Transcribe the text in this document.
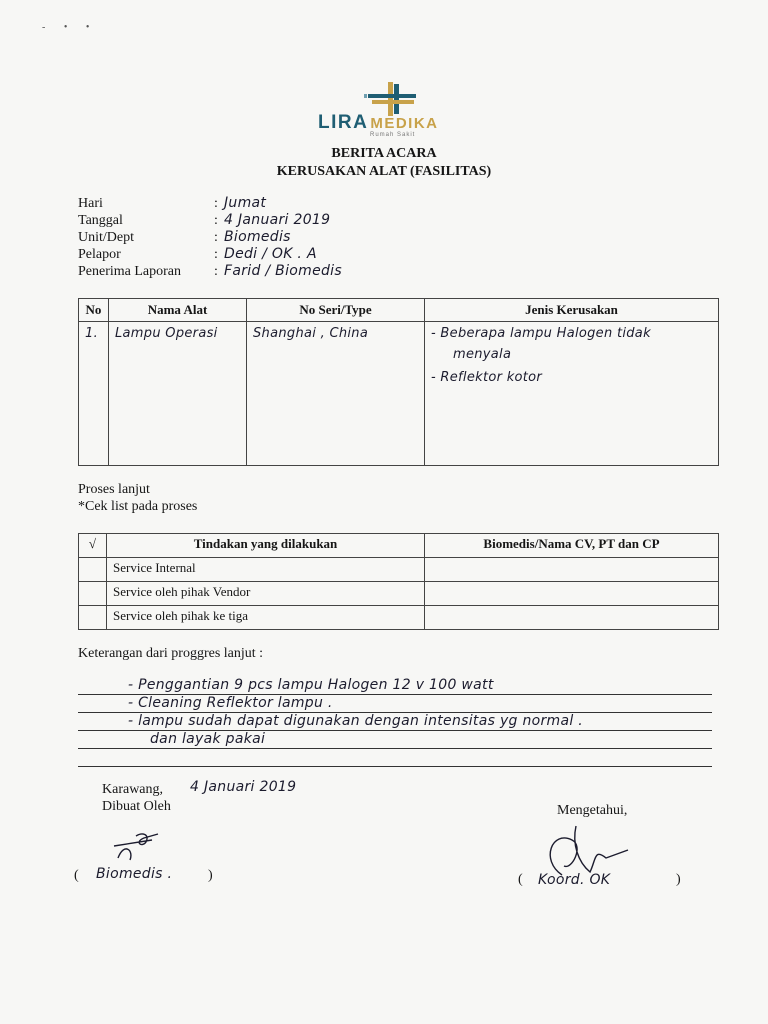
- • •
LIRA MEDIKA
Rumah Sakit
BERITA ACARA
KERUSAKAN ALAT (FASILITAS)
Hari	: Jumat
Tanggal	: 4 Januari 2019
Unit/Dept	: Biomedis
Pelapor	: Dedi / OK . A
Penerima Laporan : Farid / Biomedis
No	Nama Alat	No Seri/Type	Jenis Kerusakan
1.	Lampu Operasi	Shanghai , China	- Beberapa lampu Halogen tidak
menyala
- Reflektor kotor
Proses lanjut
*Cek list pada proses
√	Tindakan yang dilakukan	Biomedis/Nama CV, PT dan CP
	Service Internal	
	Service oleh pihak Vendor	
	Service oleh pihak ke tiga	
Keterangan dari proggres lanjut :
- Penggantian 9 pcs lampu Halogen 12 v 100 watt
- Cleaning Reflektor lampu .
- lampu sudah dapat digunakan dengan intensitas yg normal .
dan layak pakai
Karawang, 4 Januari 2019
Dibuat Oleh	Mengetahui,
( Biomedis .	)	( Koord. OK	)
